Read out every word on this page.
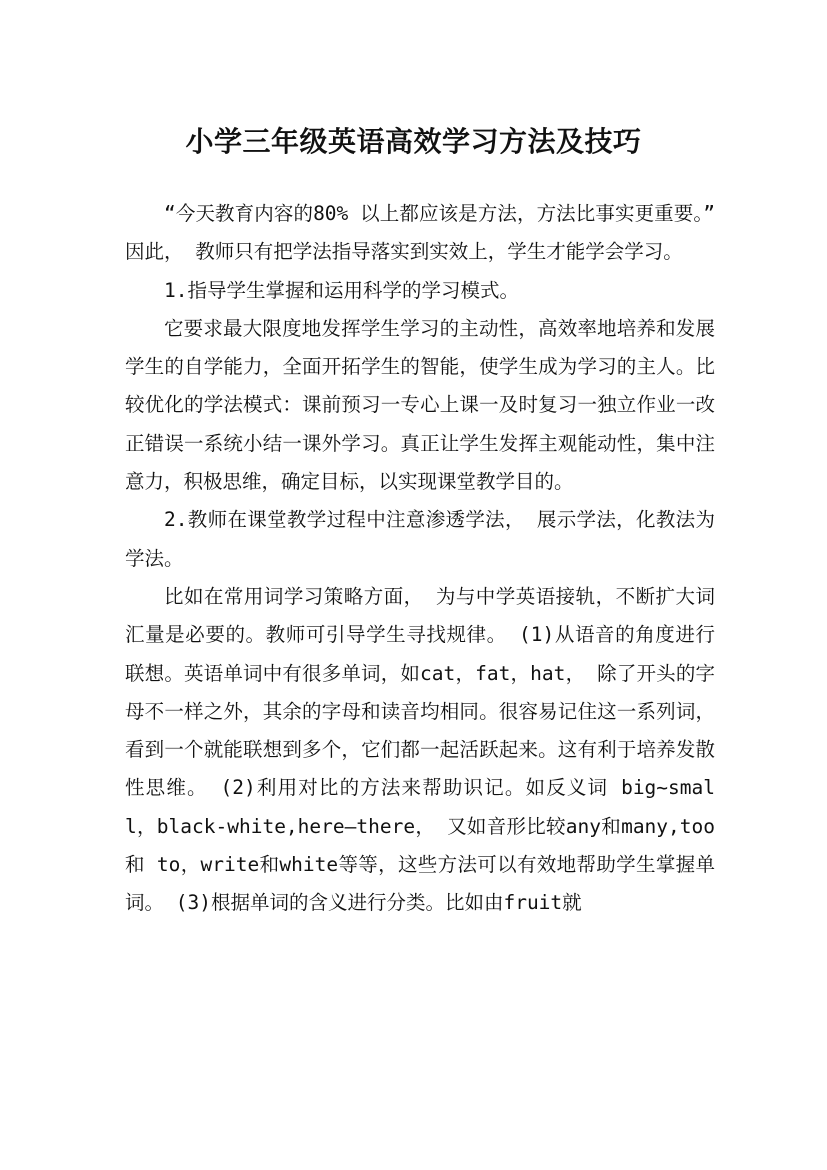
小学三年级英语高效学习方法及技巧

“今天教育内容的80% 以上都应该是方法，方法比事实更重要。” 因此， 教师只有把学法指导落实到实效上，学生才能学会学习。

1.指导学生掌握和运用科学的学习模式。

它要求最大限度地发挥学生学习的主动性，高效率地培养和发展学生的自学能力，全面开拓学生的智能，使学生成为学习的主人。比较优化的学法模式：课前预习一专心上课一及时复习一独立作业一改正错误一系统小结一课外学习。真正让学生发挥主观能动性，集中注意力，积极思维，确定目标，以实现课堂教学目的。

2.教师在课堂教学过程中注意渗透学法， 展示学法，化教法为学法。

比如在常用词学习策略方面， 为与中学英语接轨，不断扩大词汇量是必要的。教师可引导学生寻找规律。 (1)从语音的角度进行联想。英语单词中有很多单词，如cat，fat，hat， 除了开头的字母不一样之外，其余的字母和读音均相同。很容易记住这一系列词，看到一个就能联想到多个，它们都一起活跃起来。这有利于培养发散性思维。 (2)利用对比的方法来帮助识记。如反义词 big~small，black-white,here—there， 又如音形比较any和many,too和 to，write和white等等，这些方法可以有效地帮助学生掌握单词。 (3)根据单词的含义进行分类。比如由fruit就
